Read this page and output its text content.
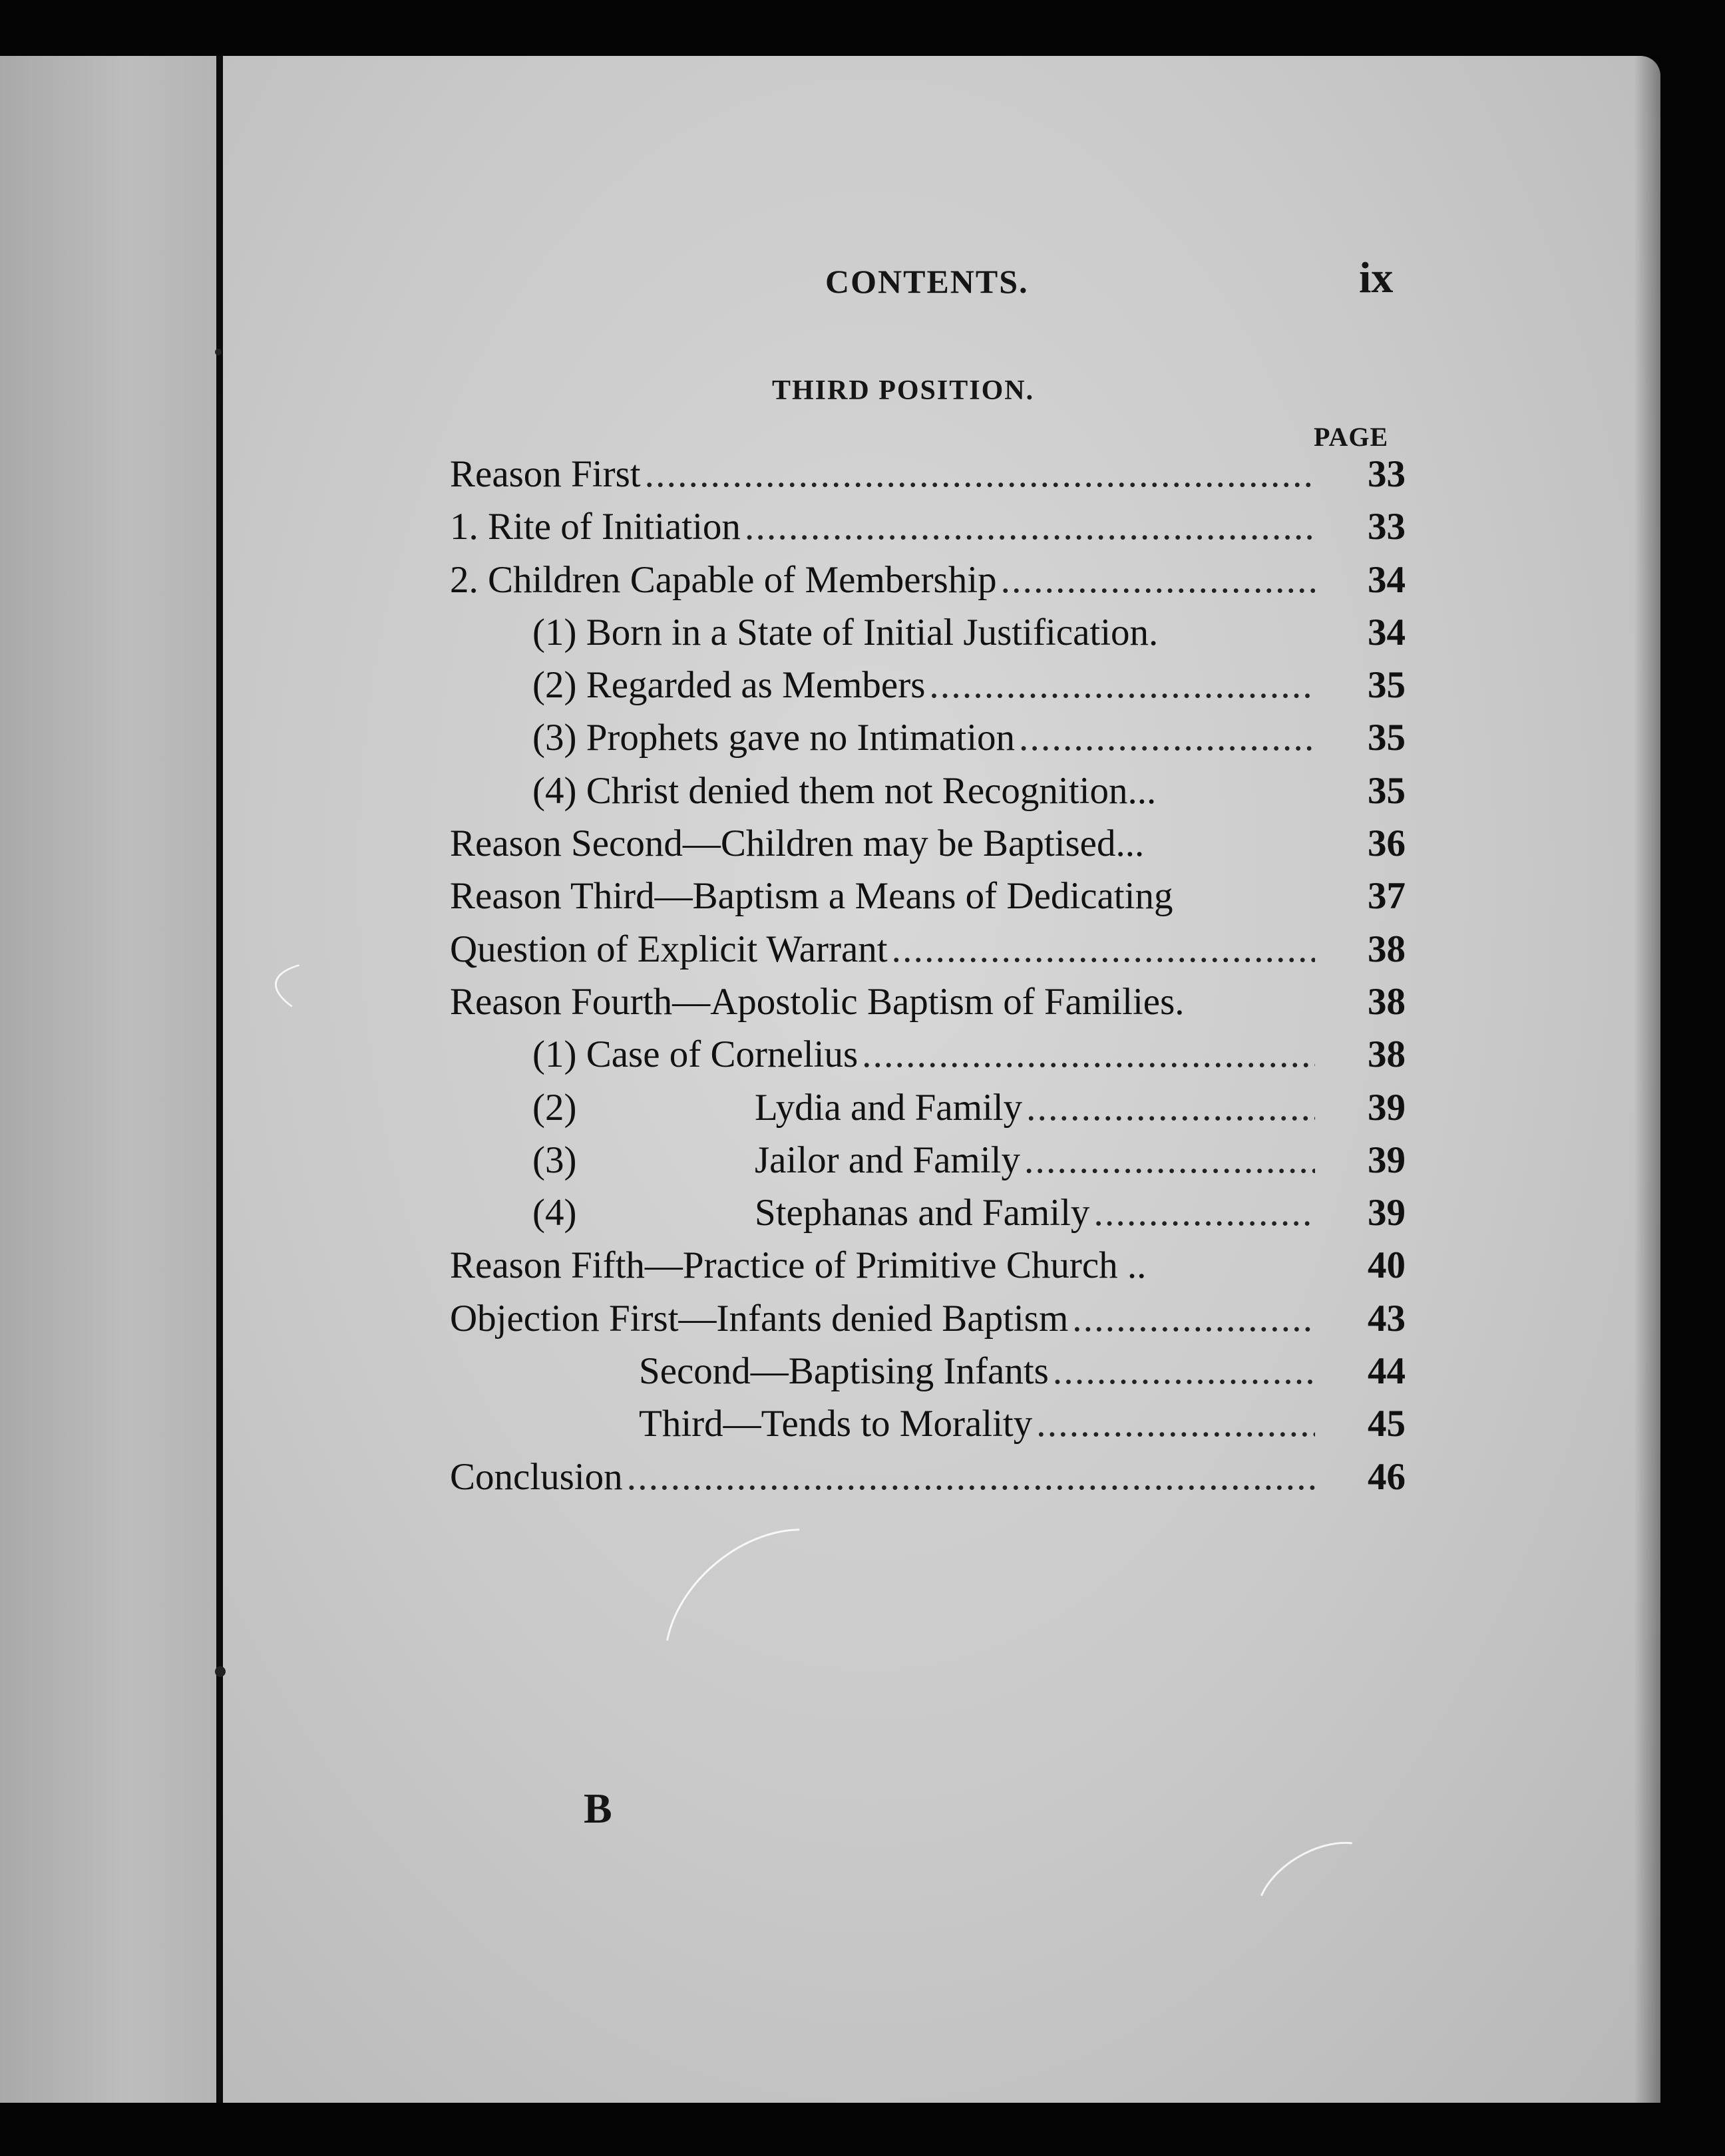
CONTENTS.	ix
THIRD POSITION.
PAGE
Reason First . . .	33
1. Rite of Initiation . . .	33
2. Children Capable of Membership . . .	34
(1) Born in a State of Initial Justification.	34
(2) Regarded as Members . . .	35
(3) Prophets gave no Intimation . . .	35
(4) Christ denied them not Recognition...	35
Reason Second—Children may be Baptised...	36
Reason Third—Baptism a Means of Dedicating	37
Question of Explicit Warrant . . .	38
Reason Fourth—Apostolic Baptism of Families.	38
(1) Case of Cornelius . . .	38
(2)	Lydia and Family . . .	39
(3)	Jailor and Family . . .	39
(4)	Stephanas and Family . . .	39
Reason Fifth—Practice of Primitive Church ..	40
Objection First—Infants denied Baptism . . .	43
Second—Baptising Infants . . .	44
Third—Tends to Morality . . .	45
Conclusion . . .	46
B
